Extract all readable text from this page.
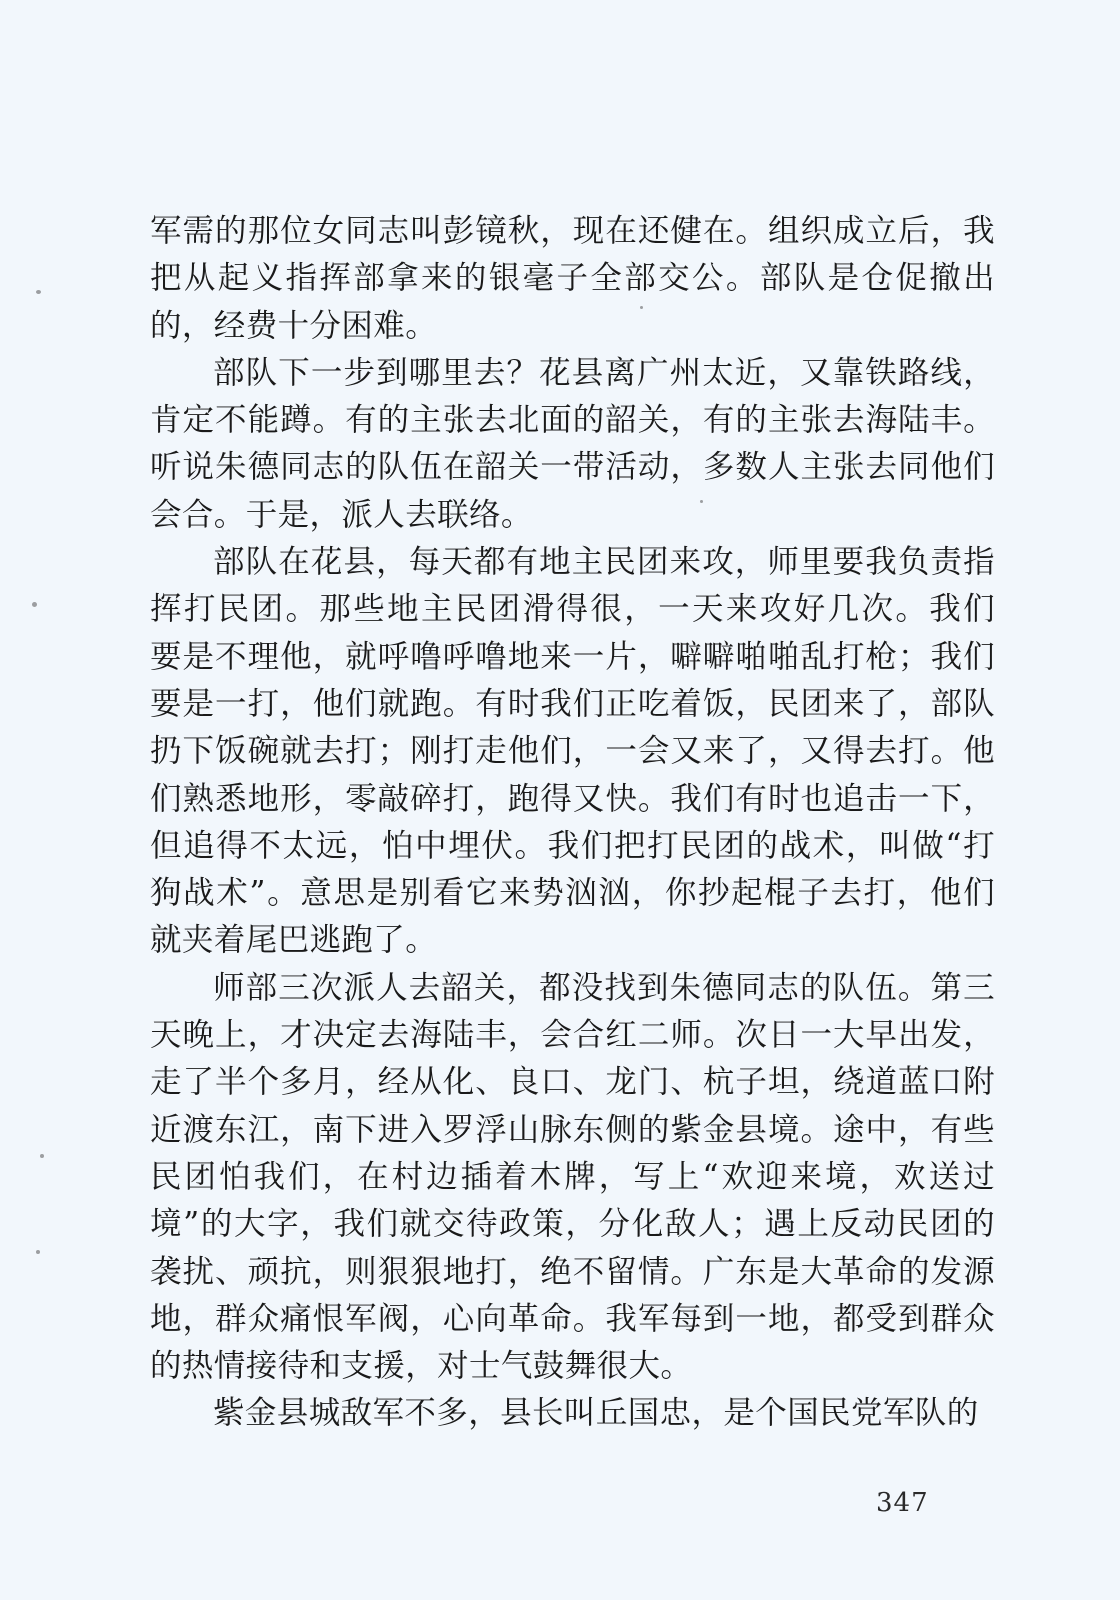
军需的那位女同志叫彭镜秋，现在还健在。组织成立后，我
把从起义指挥部拿来的银毫子全部交公。部队是仓促撤出
的，经费十分困难。
部队下一步到哪里去？花县离广州太近，又靠铁路线，
肯定不能蹲。有的主张去北面的韶关，有的主张去海陆丰。
听说朱德同志的队伍在韶关一带活动，多数人主张去同他们
会合。于是，派人去联络。
部队在花县，每天都有地主民团来攻，师里要我负责指
挥打民团。那些地主民团滑得很，一天来攻好几次。我们
要是不理他，就呼噜呼噜地来一片，噼噼啪啪乱打枪；我们
要是一打，他们就跑。有时我们正吃着饭，民团来了，部队
扔下饭碗就去打；刚打走他们，一会又来了，又得去打。他
们熟悉地形，零敲碎打，跑得又快。我们有时也追击一下，
但追得不太远，怕中埋伏。我们把打民团的战术，叫做“打
狗战术”。意思是别看它来势汹汹，你抄起棍子去打，他们
就夹着尾巴逃跑了。
师部三次派人去韶关，都没找到朱德同志的队伍。第三
天晚上，才决定去海陆丰，会合红二师。次日一大早出发，
走了半个多月，经从化、良口、龙门、杭子坦，绕道蓝口附
近渡东江，南下进入罗浮山脉东侧的紫金县境。途中，有些
民团怕我们，在村边插着木牌，写上“欢迎来境，欢送过
境”的大字，我们就交待政策，分化敌人；遇上反动民团的
袭扰、顽抗，则狠狠地打，绝不留情。广东是大革命的发源
地，群众痛恨军阀，心向革命。我军每到一地，都受到群众
的热情接待和支援，对士气鼓舞很大。
紫金县城敌军不多，县长叫丘国忠，是个国民党军队的
347
